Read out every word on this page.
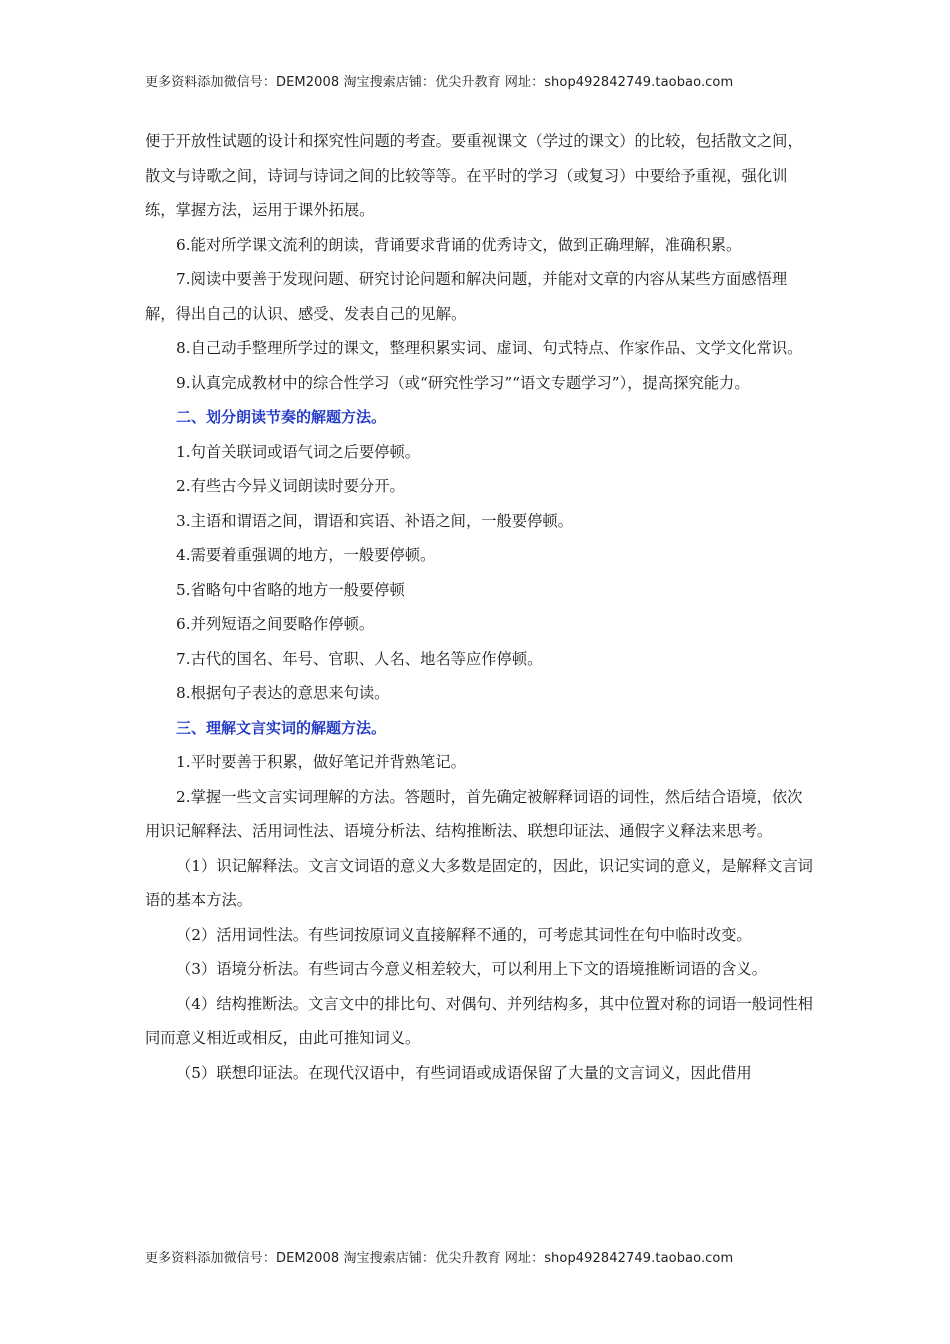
更多资料添加微信号：DEM2008 淘宝搜索店铺：优尖升教育 网址：shop492842749.taobao.com

便于开放性试题的设计和探究性问题的考查。要重视课文（学过的课文）的比较，包括散文之间，散文与诗歌之间，诗词与诗词之间的比较等等。在平时的学习（或复习）中要给予重视，强化训练，掌握方法，运用于课外拓展。

6.能对所学课文流利的朗读，背诵要求背诵的优秀诗文，做到正确理解，准确积累。

7.阅读中要善于发现问题、研究讨论问题和解决问题，并能对文章的内容从某些方面感悟理解，得出自己的认识、感受、发表自己的见解。

8.自己动手整理所学过的课文，整理积累实词、虚词、句式特点、作家作品、文学文化常识。

9.认真完成教材中的综合性学习（或“研究性学习”“语文专题学习”），提高探究能力。

二、划分朗读节奏的解题方法。

1.句首关联词或语气词之后要停顿。

2.有些古今异义词朗读时要分开。

3.主语和谓语之间，谓语和宾语、补语之间，一般要停顿。

4.需要着重强调的地方，一般要停顿。

5.省略句中省略的地方一般要停顿

6.并列短语之间要略作停顿。

7.古代的国名、年号、官职、人名、地名等应作停顿。

8.根据句子表达的意思来句读。

三、理解文言实词的解题方法。

1.平时要善于积累，做好笔记并背熟笔记。

2.掌握一些文言实词理解的方法。答题时，首先确定被解释词语的词性，然后结合语境，依次用识记解释法、活用词性法、语境分析法、结构推断法、联想印证法、通假字义释法来思考。

（1）识记解释法。文言文词语的意义大多数是固定的，因此，识记实词的意义，是解释文言词语的基本方法。

（2）活用词性法。有些词按原词义直接解释不通的，可考虑其词性在句中临时改变。

（3）语境分析法。有些词古今意义相差较大，可以利用上下文的语境推断词语的含义。

（4）结构推断法。文言文中的排比句、对偶句、并列结构多，其中位置对称的词语一般词性相同而意义相近或相反，由此可推知词义。

（5）联想印证法。在现代汉语中，有些词语或成语保留了大量的文言词义，因此借用

更多资料添加微信号：DEM2008 淘宝搜索店铺：优尖升教育 网址：shop492842749.taobao.com
